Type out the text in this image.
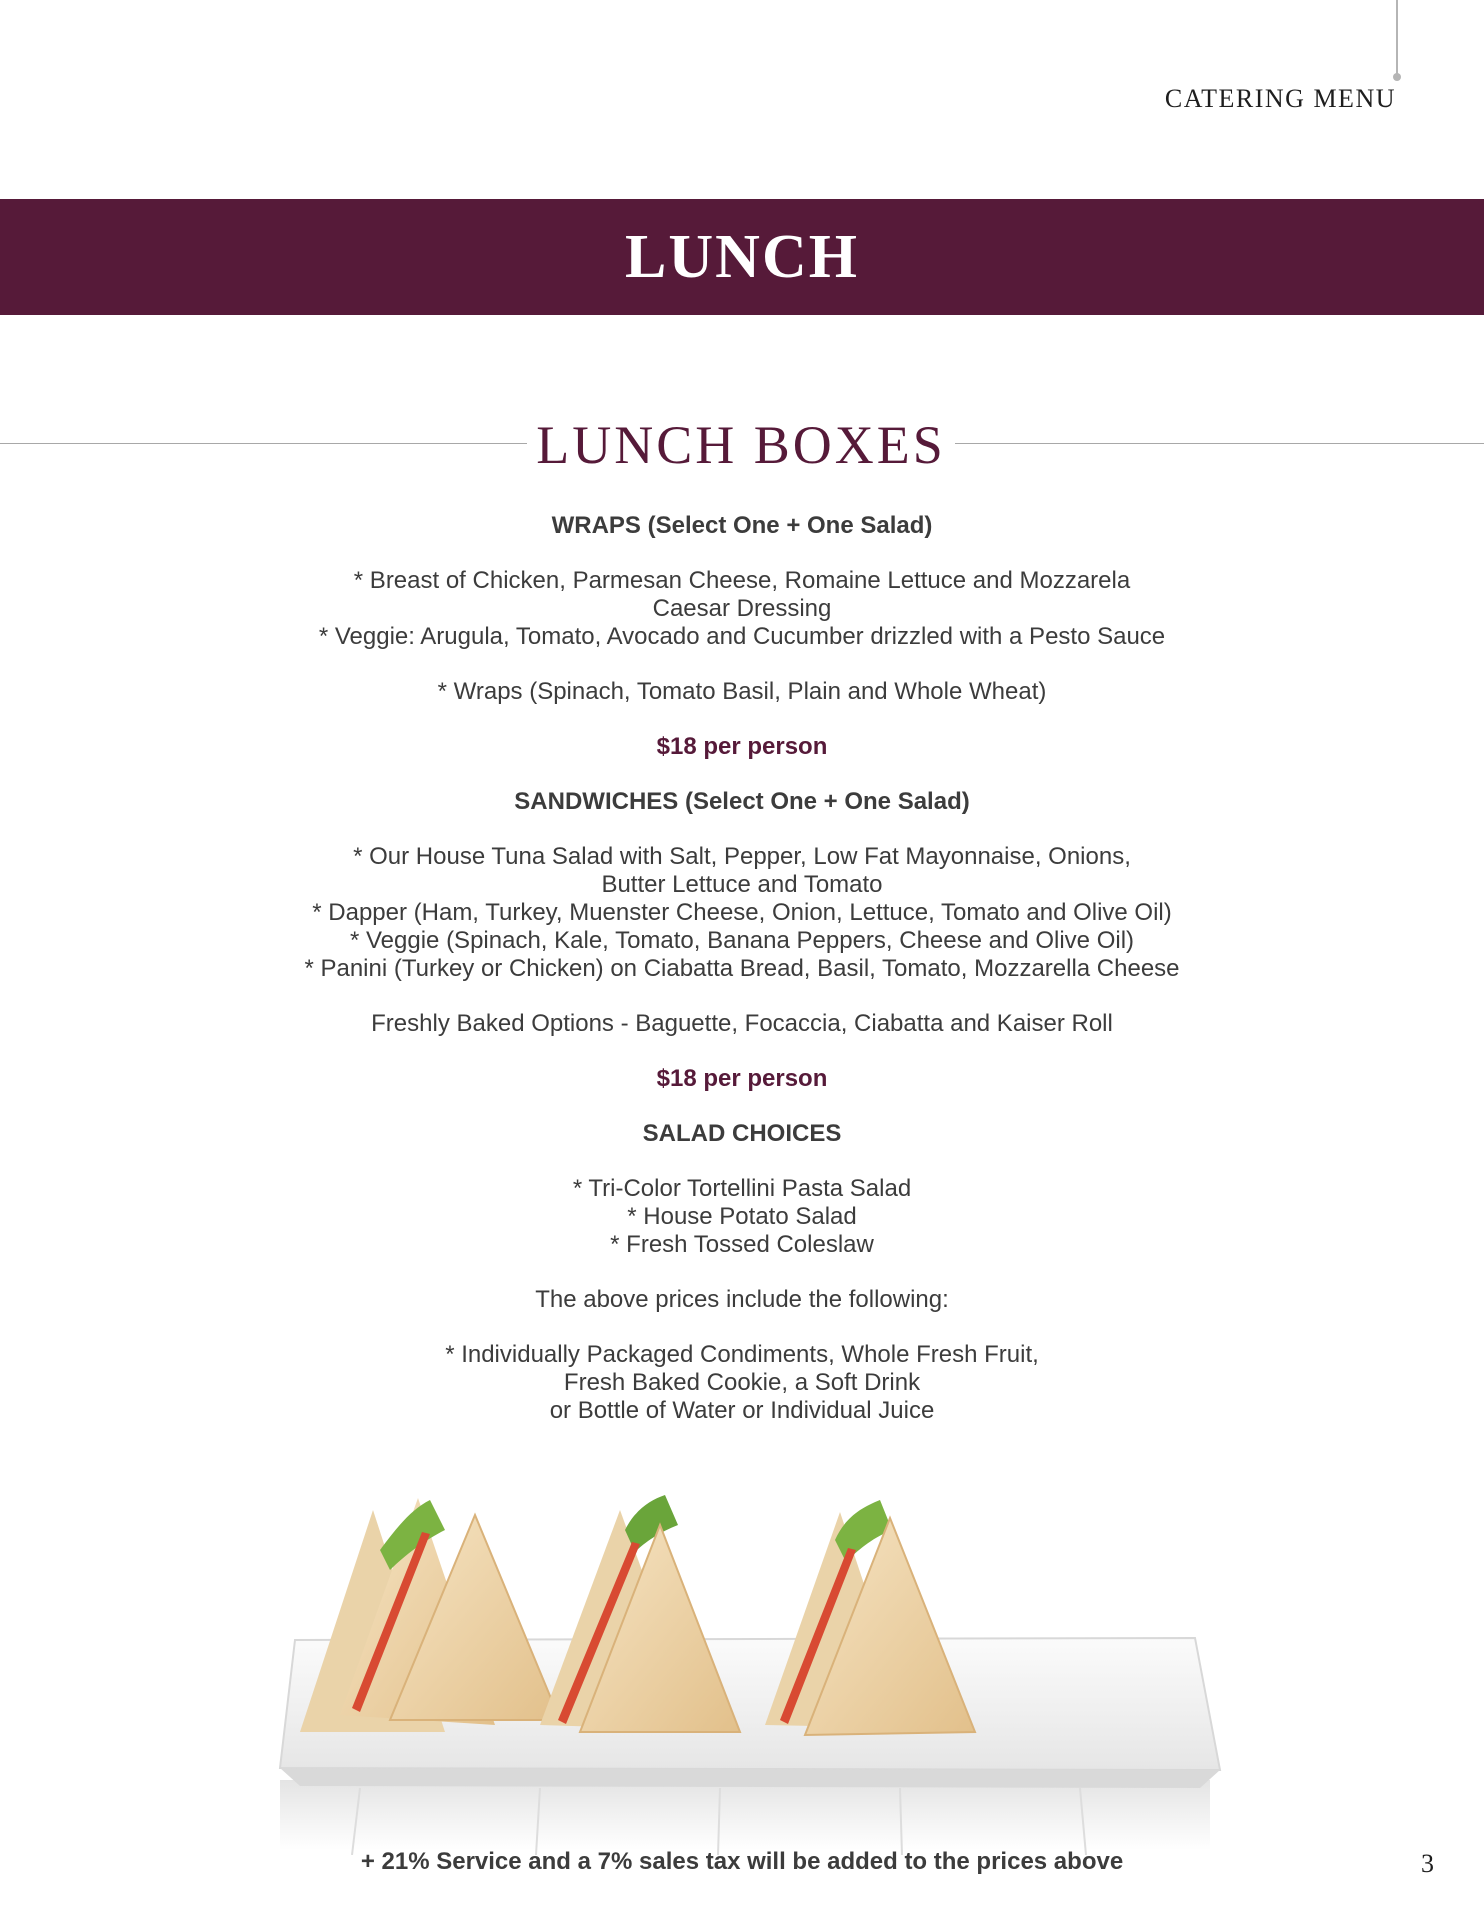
CATERING MENU
LUNCH
LUNCH BOXES
WRAPS (Select One + One Salad)
* Breast of Chicken, Parmesan Cheese, Romaine Lettuce and Mozzarela
Caesar Dressing
* Veggie: Arugula, Tomato, Avocado and Cucumber drizzled with a Pesto Sauce
* Wraps (Spinach, Tomato Basil, Plain and Whole Wheat)
$18 per person
SANDWICHES (Select One + One Salad)
* Our House Tuna Salad with Salt, Pepper, Low Fat Mayonnaise, Onions,
Butter Lettuce and Tomato
* Dapper (Ham, Turkey, Muenster Cheese, Onion, Lettuce, Tomato and Olive Oil)
* Veggie (Spinach, Kale, Tomato, Banana Peppers, Cheese and Olive Oil)
* Panini (Turkey or Chicken) on Ciabatta Bread, Basil, Tomato, Mozzarella Cheese
Freshly Baked Options - Baguette, Focaccia, Ciabatta and Kaiser Roll
$18 per person
SALAD CHOICES
* Tri-Color Tortellini Pasta Salad
* House Potato Salad
* Fresh Tossed Coleslaw
The above prices include the following:
* Individually Packaged Condiments, Whole Fresh Fruit,
Fresh Baked Cookie, a Soft Drink
or Bottle of Water or Individual Juice
+ 21% Service and a 7% sales tax will be added to the prices above	3
